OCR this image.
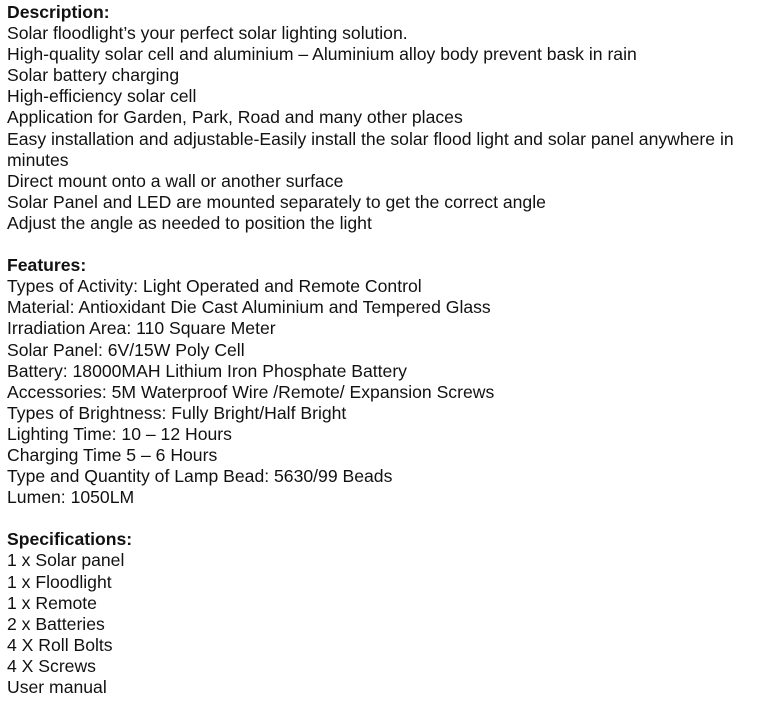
Description:
Solar floodlight’s your perfect solar lighting solution.
High-quality solar cell and aluminium – Aluminium alloy body prevent bask in rain
Solar battery charging
High-efficiency solar cell
Application for Garden, Park, Road and many other places
Easy installation and adjustable-Easily install the solar flood light and solar panel anywhere in minutes
Direct mount onto a wall or another surface
Solar Panel and LED are mounted separately to get the correct angle
Adjust the angle as needed to position the light
Features:
Types of Activity: Light Operated and Remote Control
Material: Antioxidant Die Cast Aluminium and Tempered Glass
Irradiation Area: 110 Square Meter
Solar Panel: 6V/15W Poly Cell
Battery: 18000MAH Lithium Iron Phosphate Battery
Accessories: 5M Waterproof Wire /Remote/ Expansion Screws
Types of Brightness: Fully Bright/Half Bright
Lighting Time: 10 – 12 Hours
Charging Time 5 – 6 Hours
Type and Quantity of Lamp Bead: 5630/99 Beads
Lumen: 1050LM
Specifications:
1 x Solar panel
1 x Floodlight
1 x Remote
2 x Batteries
4 X Roll Bolts
4 X Screws
User manual
